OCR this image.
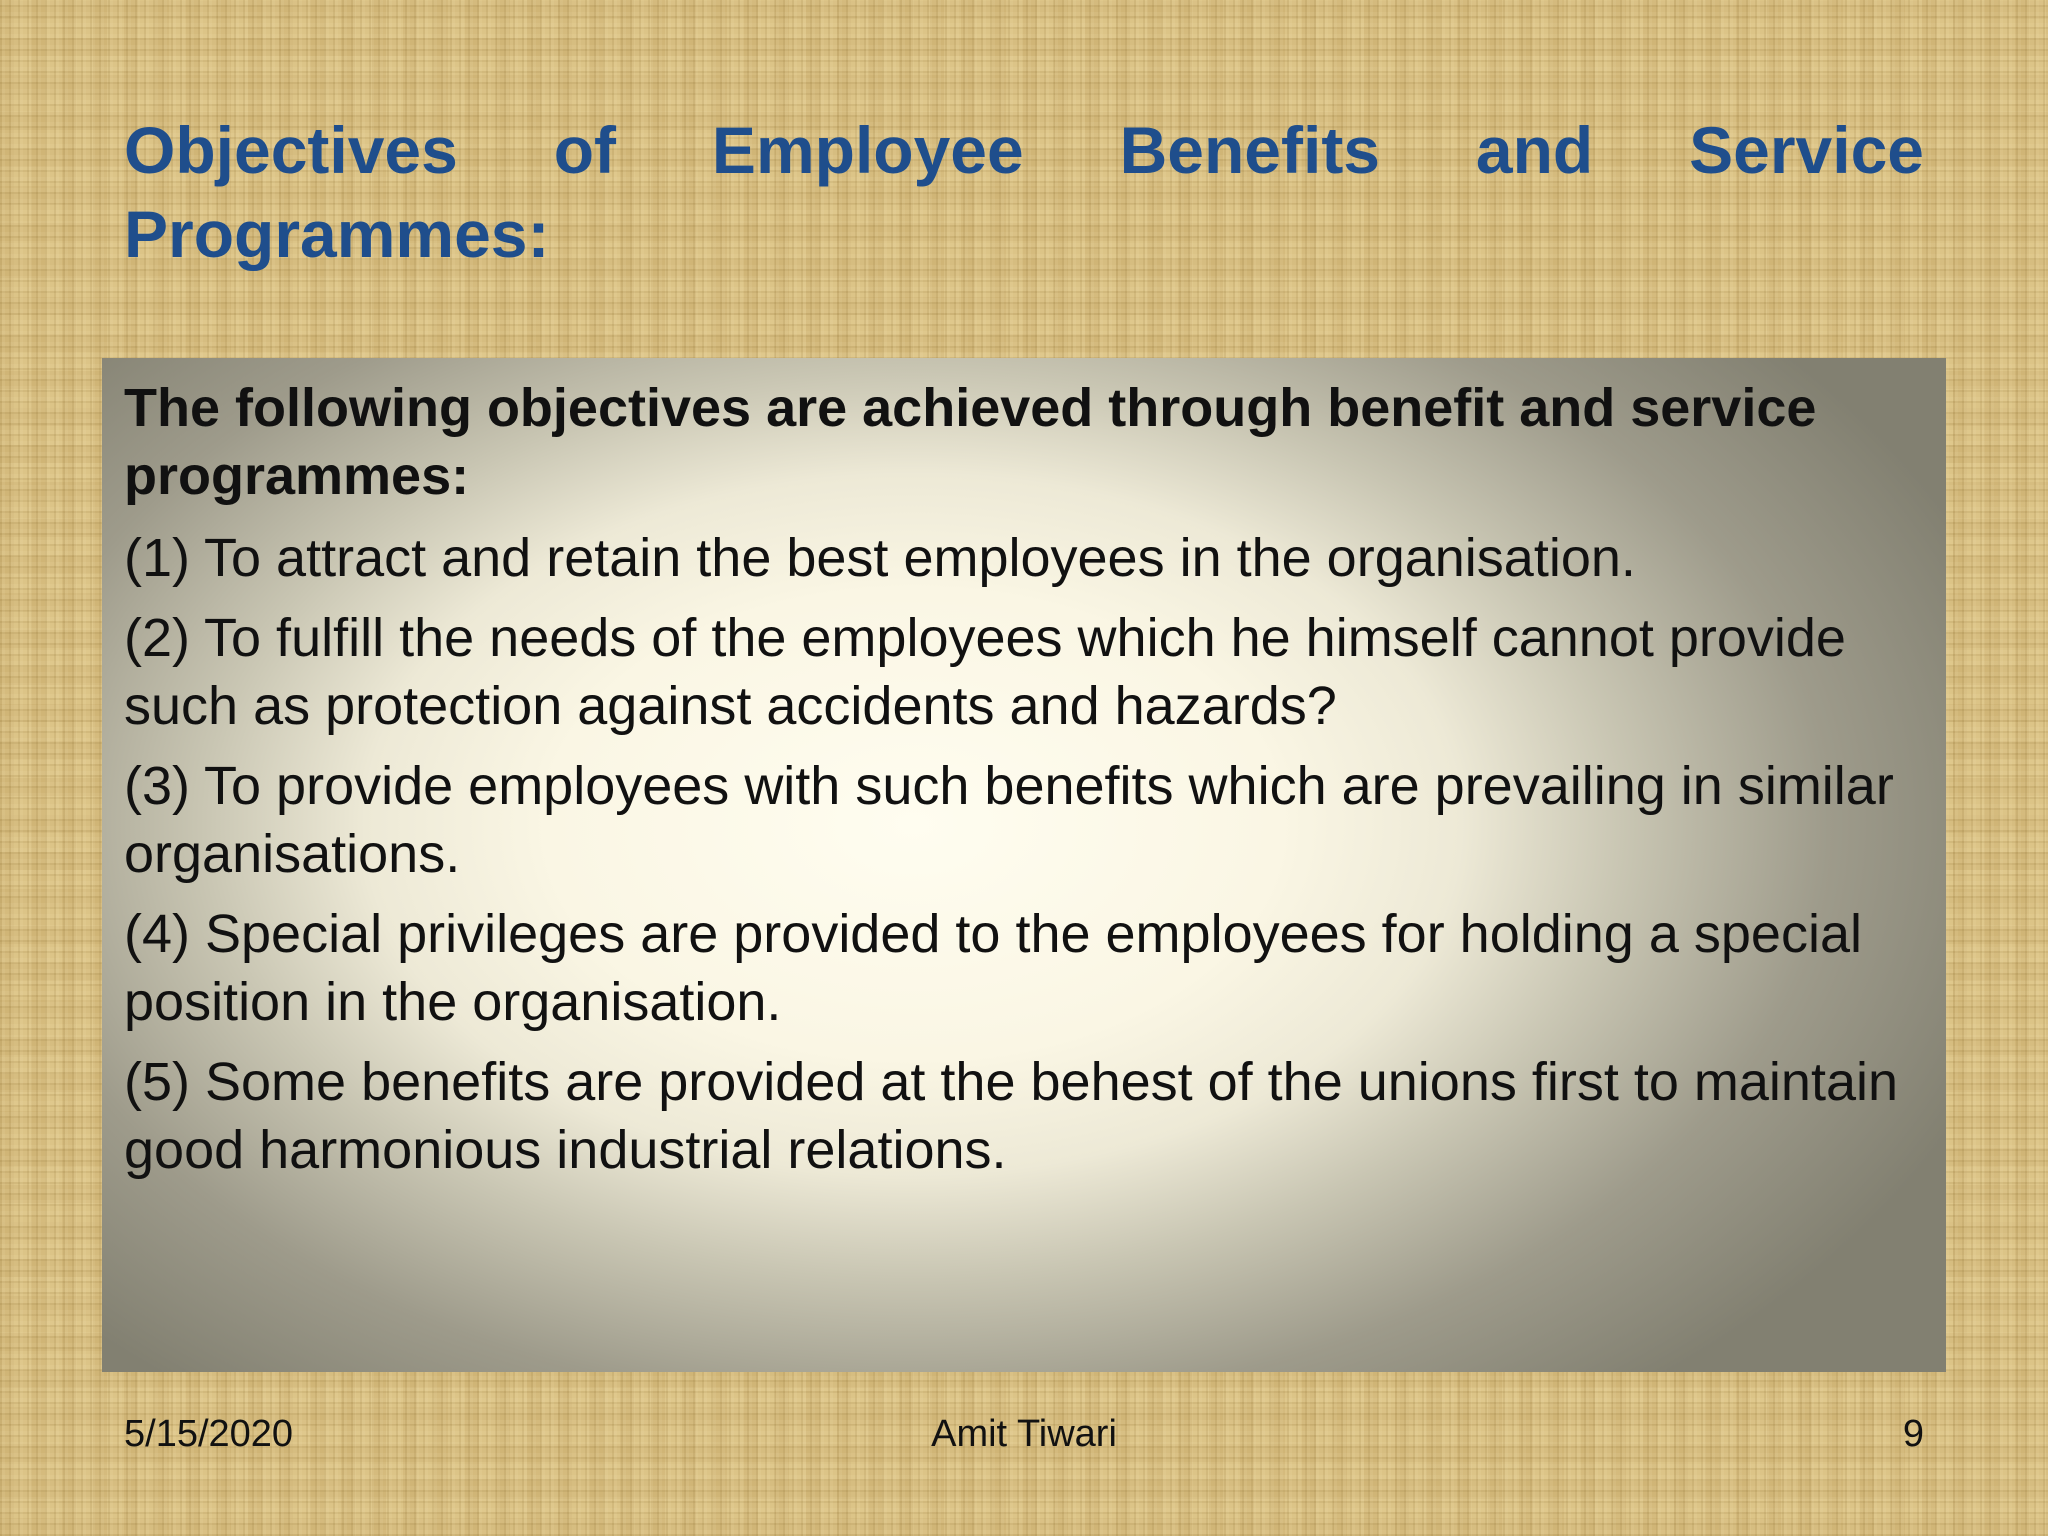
Objectives of Employee Benefits and Service Programmes:

The following objectives are achieved through benefit and service programmes:

(1) To attract and retain the best employees in the organisation.

(2) To fulfill the needs of the employees which he himself cannot provide such as protection against accidents and hazards?

(3) To provide employees with such benefits which are prevailing in similar organisations.

(4) Special privileges are provided to the employees for holding a special position in the organisation.

(5) Some benefits are provided at the behest of the unions first to maintain good harmonious industrial relations.

5/15/2020	Amit Tiwari	9
